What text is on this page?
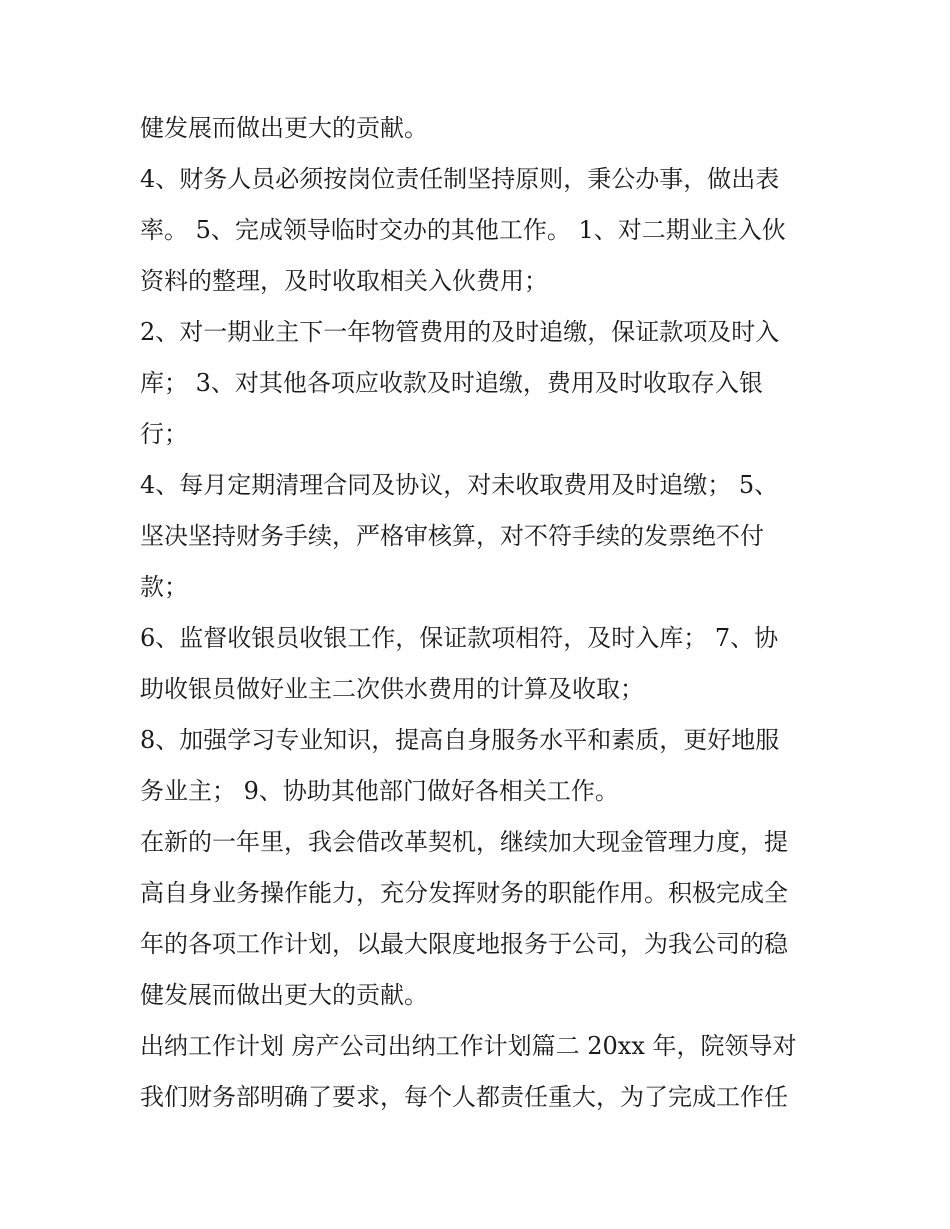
健发展而做出更大的贡献。
4、财务人员必须按岗位责任制坚持原则，秉公办事，做出表
率。 5、完成领导临时交办的其他工作。 1、对二期业主入伙
资料的整理，及时收取相关入伙费用；
2、对一期业主下一年物管费用的及时追缴，保证款项及时入
库； 3、对其他各项应收款及时追缴，费用及时收取存入银
行；
4、每月定期清理合同及协议，对未收取费用及时追缴； 5、
坚决坚持财务手续，严格审核算，对不符手续的发票绝不付
款；
6、监督收银员收银工作，保证款项相符，及时入库； 7、协
助收银员做好业主二次供水费用的计算及收取；
8、加强学习专业知识，提高自身服务水平和素质，更好地服
务业主； 9、协助其他部门做好各相关工作。
在新的一年里，我会借改革契机，继续加大现金管理力度，提
高自身业务操作能力，充分发挥财务的职能作用。积极完成全
年的各项工作计划，以最大限度地报务于公司，为我公司的稳
健发展而做出更大的贡献。
出纳工作计划 房产公司出纳工作计划篇二 20xx 年，院领导对
我们财务部明确了要求，每个人都责任重大，为了完成工作任
